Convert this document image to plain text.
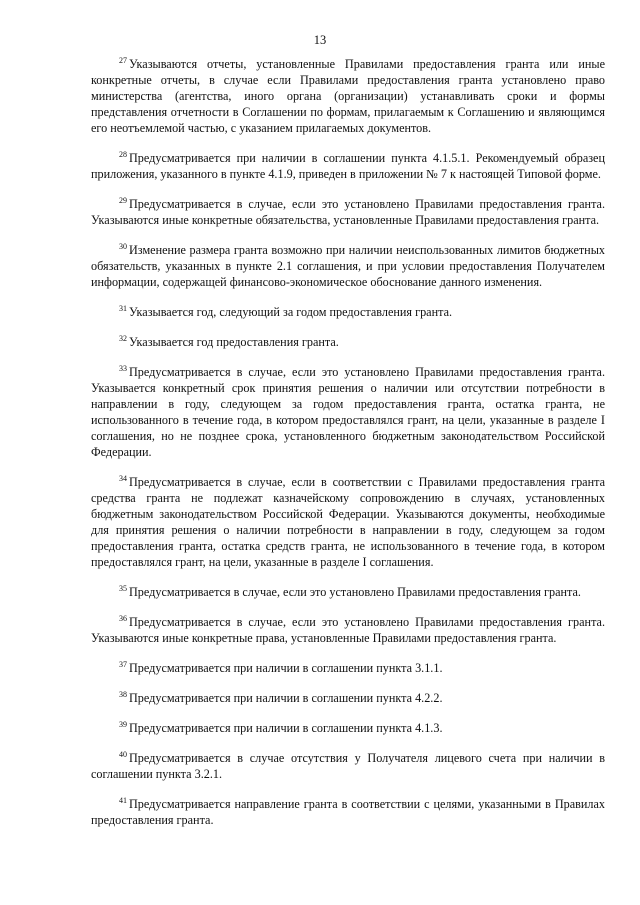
13

$^{27}$ Указываются отчеты, установленные Правилами предоставления гранта или иные конкретные отчеты, в случае если Правилами предоставления гранта установлено право министерства (агентства, иного органа (организации) устанавливать сроки и формы представления отчетности в Соглашении по формам, прилагаемым к Соглашению и являющимся его неотъемлемой частью, с указанием прилагаемых документов.

$^{28}$ Предусматривается при наличии в соглашении пункта 4.1.5.1. Рекомендуемый образец приложения, указанного в пункте 4.1.9, приведен в приложении № 7 к настоящей Типовой форме.

$^{29}$ Предусматривается в случае, если это установлено Правилами предоставления гранта. Указываются иные конкретные обязательства, установленные Правилами предоставления гранта.

$^{30}$ Изменение размера гранта возможно при наличии неиспользованных лимитов бюджетных обязательств, указанных в пункте 2.1 соглашения, и при условии предоставления Получателем информации, содержащей финансово-экономическое обоснование данного изменения.

$^{31}$ Указывается год, следующий за годом предоставления гранта.

$^{32}$ Указывается год предоставления гранта.

$^{33}$ Предусматривается в случае, если это установлено Правилами предоставления гранта. Указывается конкретный срок принятия решения о наличии или отсутствии потребности в направлении в году, следующем за годом предоставления гранта, остатка гранта, не использованного в течение года, в котором предоставлялся грант, на цели, указанные в разделе I соглашения, но не позднее срока, установленного бюджетным законодательством Российской Федерации.

$^{34}$ Предусматривается в случае, если в соответствии с Правилами предоставления гранта средства гранта не подлежат казначейскому сопровождению в случаях, установленных бюджетным законодательством Российской Федерации. Указываются документы, необходимые для принятия решения о наличии потребности в направлении в году, следующем за годом предоставления гранта, остатка средств гранта, не использованного в течение года, в котором предоставлялся грант, на цели, указанные в разделе I соглашения.

$^{35}$ Предусматривается в случае, если это установлено Правилами предоставления гранта.

$^{36}$ Предусматривается в случае, если это установлено Правилами предоставления гранта. Указываются иные конкретные права, установленные Правилами предоставления гранта.

$^{37}$ Предусматривается при наличии в соглашении пункта 3.1.1.

$^{38}$ Предусматривается при наличии в соглашении пункта 4.2.2.

$^{39}$ Предусматривается при наличии в соглашении пункта 4.1.3.

$^{40}$ Предусматривается в случае отсутствия у Получателя лицевого счета при наличии в соглашении пункта 3.2.1.

$^{41}$ Предусматривается направление гранта в соответствии с целями, указанными в Правилах предоставления гранта.
